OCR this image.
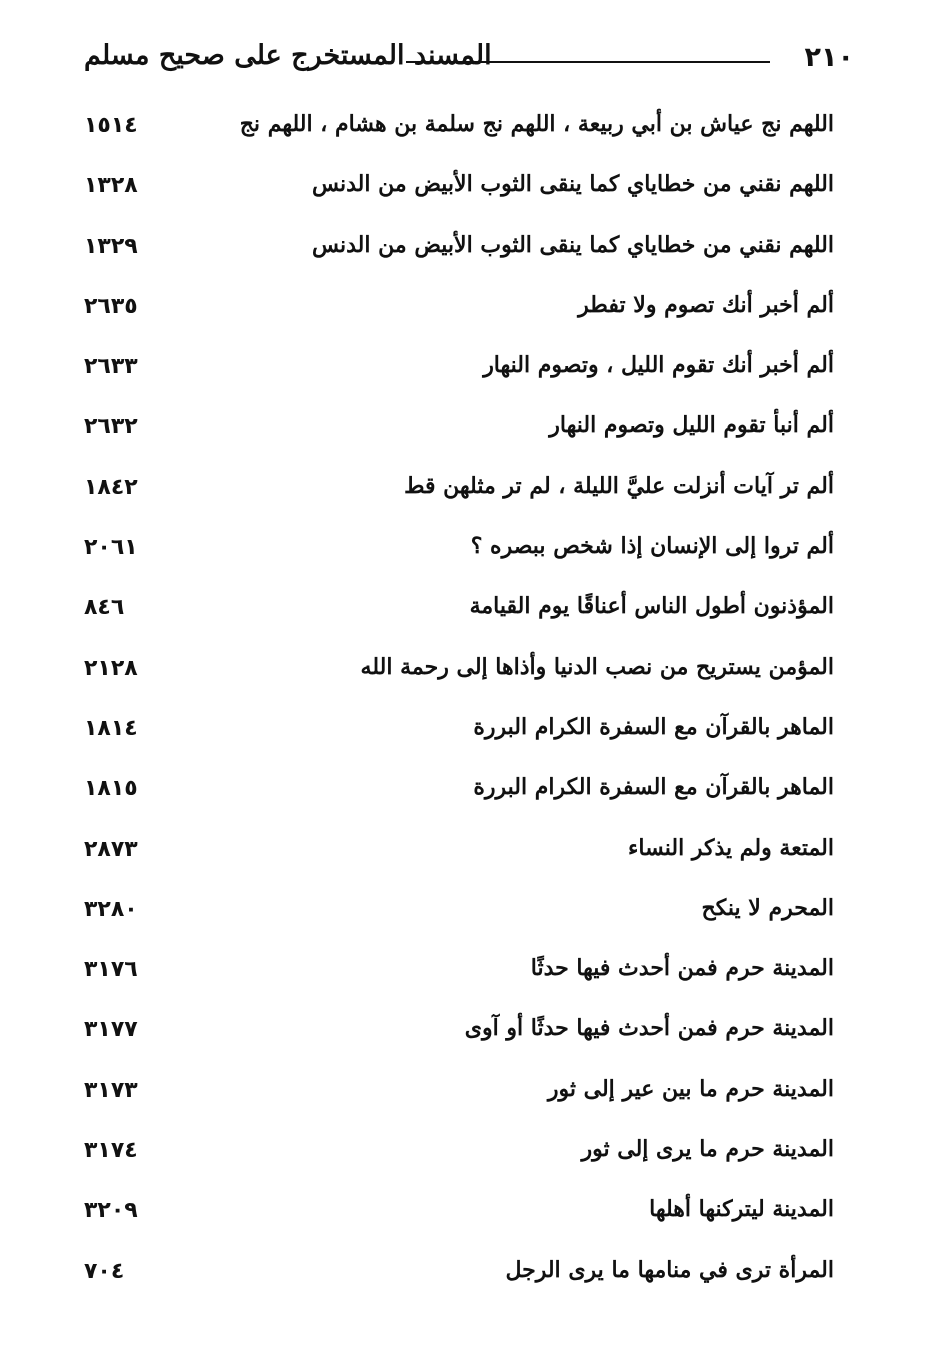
٢١٠
المسند المستخرج على صحيح مسلم
اللهم نج عياش بن أبي ربيعة ، اللهم نج سلمة بن هشام ، اللهم نج
١٥١٤
اللهم نقني من خطاياي كما ينقى الثوب الأبيض من الدنس
١٣٢٨
اللهم نقني من خطاياي كما ينقى الثوب الأبيض من الدنس
١٣٢٩
ألم أخبر أنك تصوم ولا تفطر
٢٦٣٥
ألم أخبر أنك تقوم الليل ، وتصوم النهار
٢٦٣٣
ألم أنبأ تقوم الليل وتصوم النهار
٢٦٣٢
ألم تر آيات أنزلت عليَّ الليلة ، لم تر مثلهن قط
١٨٤٢
ألم تروا إلى الإنسان إذا شخص ببصره ؟
٢٠٦١
المؤذنون أطول الناس أعناقًا يوم القيامة
٨٤٦
المؤمن يستريح من نصب الدنيا وأذاها إلى رحمة الله
٢١٢٨
الماهر بالقرآن مع السفرة الكرام البررة
١٨١٤
الماهر بالقرآن مع السفرة الكرام البررة
١٨١٥
المتعة ولم يذكر النساء
٢٨٧٣
المحرم لا ينكح
٣٢٨٠
المدينة حرم فمن أحدث فيها حدثًا
٣١٧٦
المدينة حرم فمن أحدث فيها حدثًا أو آوى
٣١٧٧
المدينة حرم ما بين عير إلى ثور
٣١٧٣
المدينة حرم ما يرى إلى ثور
٣١٧٤
المدينة ليتركنها أهلها
٣٢٠٩
المرأة ترى في منامها ما يرى الرجل
٧٠٤
